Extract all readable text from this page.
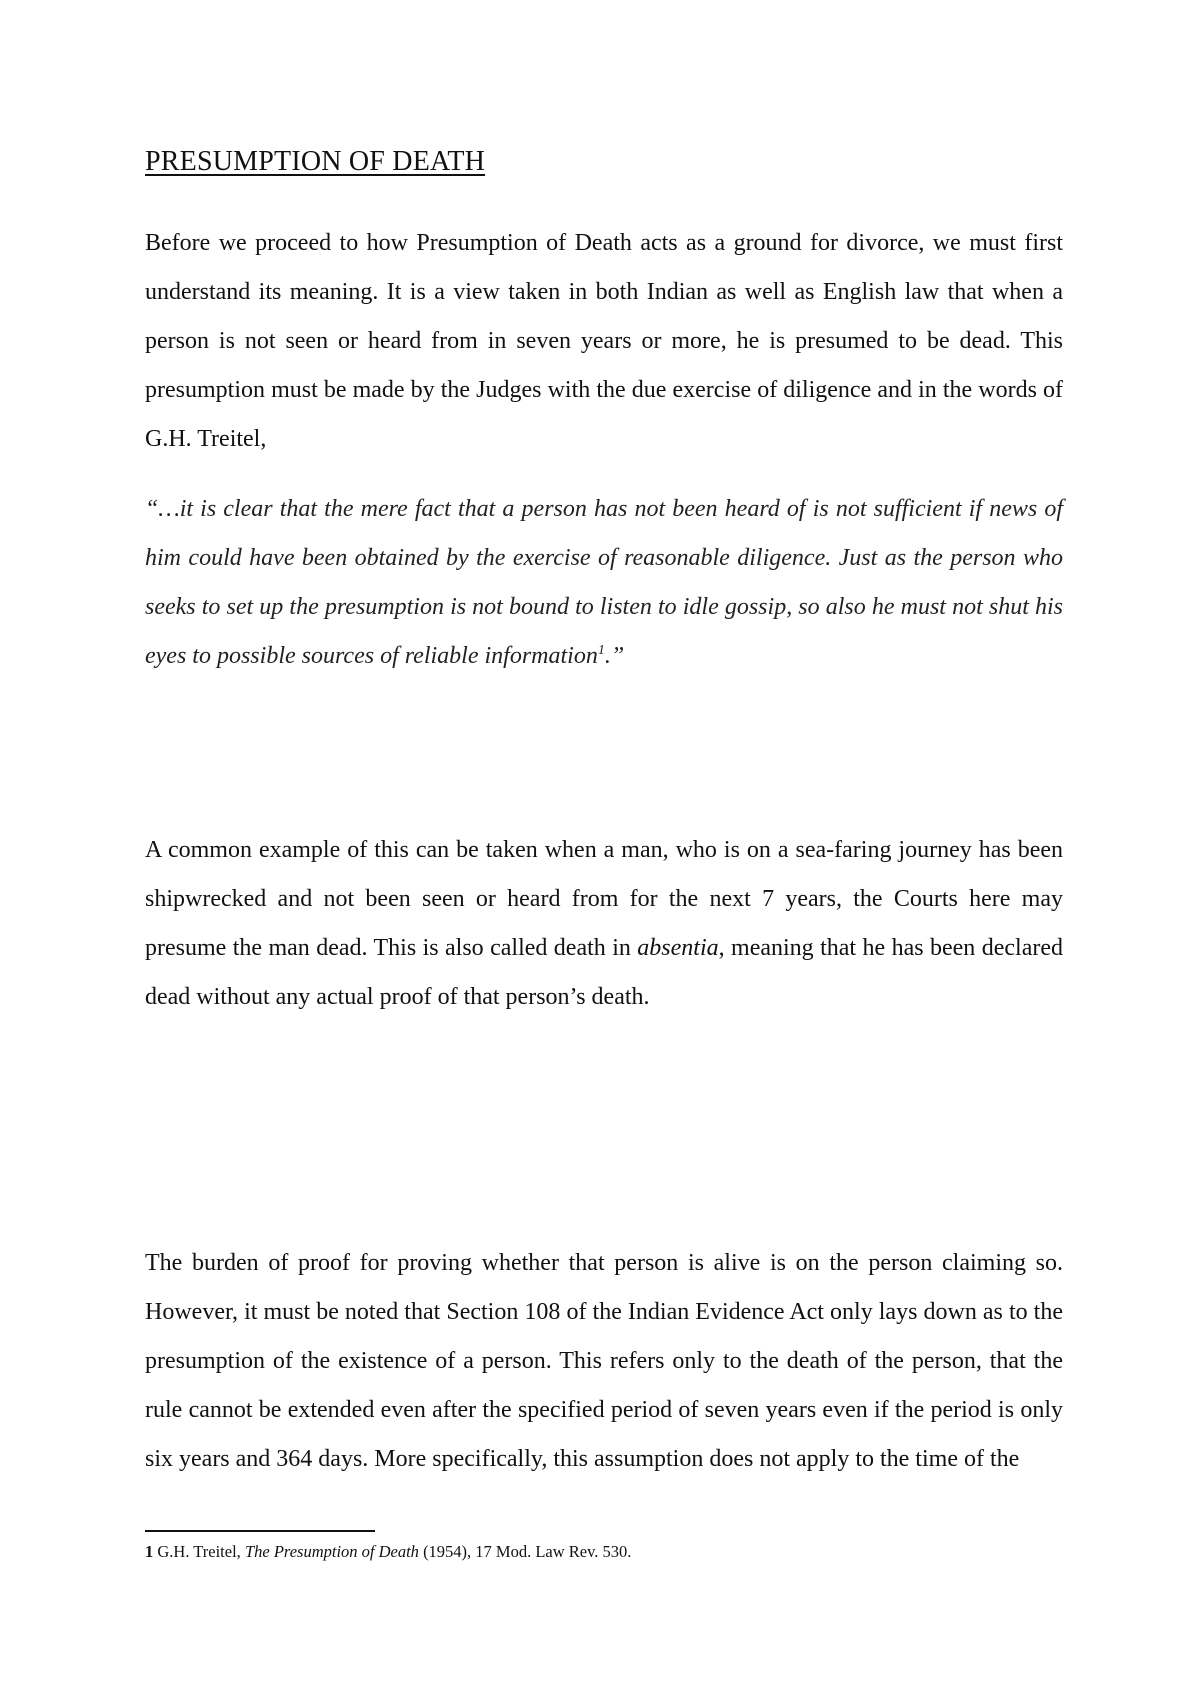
PRESUMPTION OF DEATH

Before we proceed to how Presumption of Death acts as a ground for divorce, we must first understand its meaning. It is a view taken in both Indian as well as English law that when a person is not seen or heard from in seven years or more, he is presumed to be dead. This presumption must be made by the Judges with the due exercise of diligence and in the words of G.H. Treitel,

“…it is clear that the mere fact that a person has not been heard of is not sufficient if news of him could have been obtained by the exercise of reasonable diligence. Just as the person who seeks to set up the presumption is not bound to listen to idle gossip, so also he must not shut his eyes to possible sources of reliable information$^1$.”

A common example of this can be taken when a man, who is on a sea-faring journey has been shipwrecked and not been seen or heard from for the next 7 years, the Courts here may presume the man dead. This is also called death in absentia, meaning that he has been declared dead without any actual proof of that person’s death.

The burden of proof for proving whether that person is alive is on the person claiming so. However, it must be noted that Section 108 of the Indian Evidence Act only lays down as to the presumption of the existence of a person. This refers only to the death of the person, that the rule cannot be extended even after the specified period of seven years even if the period is only six years and 364 days. More specifically, this assumption does not apply to the time of the

1 G.H. Treitel, The Presumption of Death (1954), 17 Mod. Law Rev. 530.
